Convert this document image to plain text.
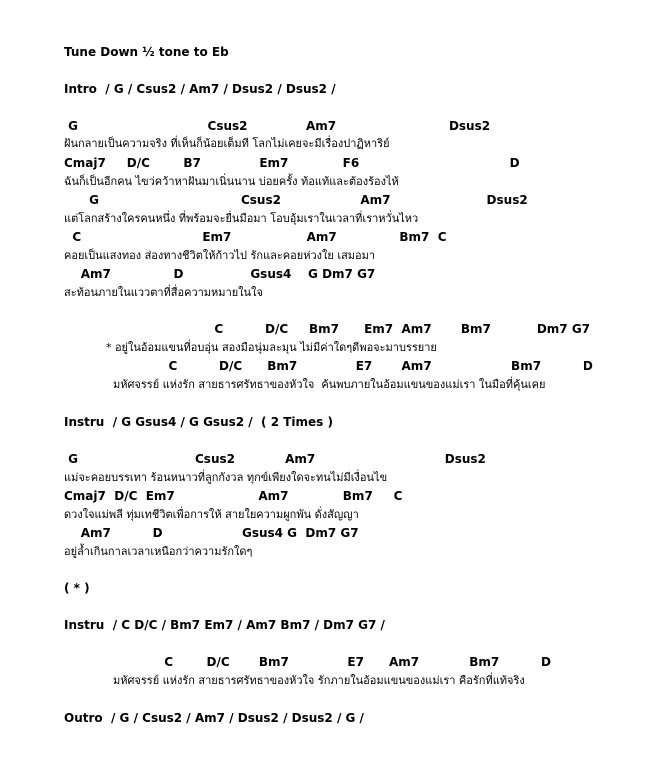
Tune Down ½ tone to Eb
Intro  / G / Csus2 / Am7 / Dsus2 / Dsus2 /
G                               Csus2              Am7                           Dsus2
ฝันกลายเป็นความจริง ที่เห็นก็น้อยเต็มที โลกไม่เคยจะมีเรื่องปาฏิหาริย์
Cmaj7     D/C        B7              Em7             F6                                    D
ฉันก็เป็นอีกคน ไขว่คว้าหาฝันมาเนิ่นนาน บ่อยครั้ง ท้อแท้และต้องร้องไห้
G                                  Csus2                   Am7                       Dsus2
แต่โลกสร้างใครคนหนึ่ง ที่พร้อมจะยื่นมือมา โอบอุ้มเราในเวลาที่เราหวั่นไหว
C                             Em7                  Am7               Bm7  C
คอยเป็นแสงทอง ส่องทางชีวิตให้ก้าวไป รักและคอยห่วงใย เสมอมา
Am7               D                Gsus4    G Dm7 G7
สะท้อนภายในแววตาที่สื่อความหมายในใจ
C          D/C     Bm7      Em7  Am7       Bm7           Dm7 G7
* อยู่ในอ้อมแขนที่อบอุ่น สองมือนุ่มละมุน ไม่มีค่าใดๆดีพอจะมาบรรยาย
C          D/C      Bm7              E7       Am7                   Bm7          D
มหัศจรรย์ แห่งรัก สายธารศรัทธาของหัวใจ  ค้นพบภายในอ้อมแขนของแม่เรา ในมือที่คุ้นเคย
Instru  / G Gsus4 / G Gsus2 /  ( 2 Times )
G                            Csus2            Am7                               Dsus2
แม่จะคอยบรรเทา ร้อนหนาวที่ลูกกังวล ทุกข์เพียงใดจะทนไม่มีเงื่อนไข
Cmaj7  D/C  Em7                    Am7             Bm7     C
ดวงใจแม่พลี ทุ่มเทชีวิตเพื่อการให้ สายใยความผูกพัน ดั่งสัญญา
Am7          D                   Gsus4 G  Dm7 G7
อยู่ล้ำเกินกาลเวลาเหนือกว่าความรักใดๆ
( * )
Instru  / C D/C / Bm7 Em7 / Am7 Bm7 / Dm7 G7 /
C        D/C       Bm7              E7      Am7            Bm7          D
มหัศจรรย์ แห่งรัก สายธารศรัทธาของหัวใจ รักภายในอ้อมแขนของแม่เรา คือรักที่แท้จริง
Outro  / G / Csus2 / Am7 / Dsus2 / Dsus2 / G /
